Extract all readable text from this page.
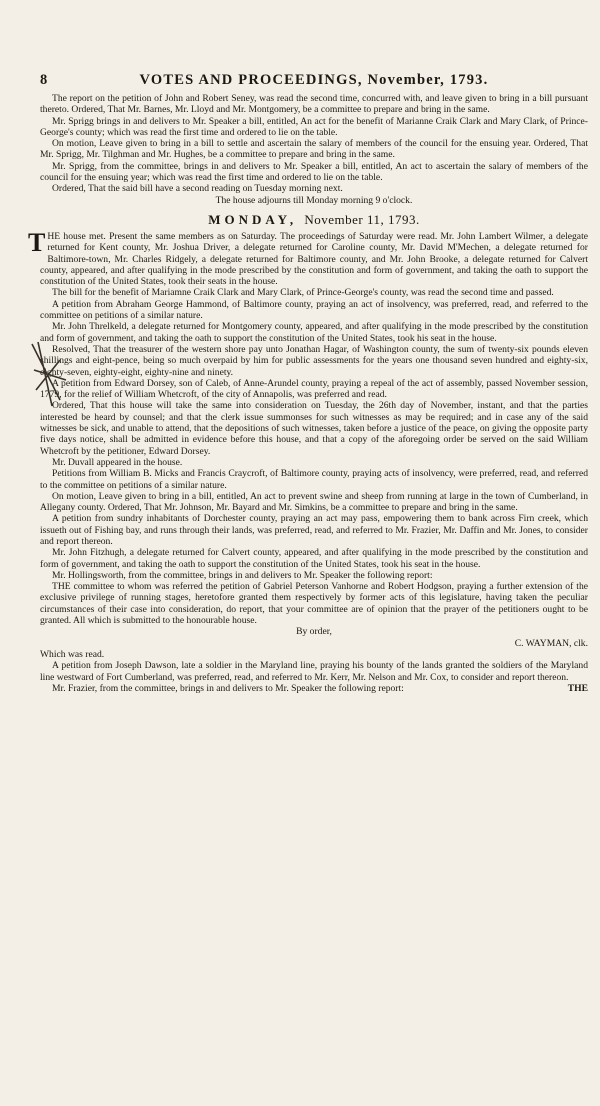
8	VOTES AND PROCEEDINGS, November, 1793.

The report on the petition of John and Robert Seney, was read the second time, concurred with, and leave given to bring in a bill pursuant thereto. Ordered, That Mr. Barnes, Mr. Lloyd and Mr. Montgomery, be a committee to prepare and bring in the same.

Mr. Sprigg brings in and delivers to Mr. Speaker a bill, entitled, An act for the benefit of Marianne Craik Clark and Mary Clark, of Prince-George's county; which was read the first time and ordered to lie on the table.

On motion, Leave given to bring in a bill to settle and ascertain the salary of members of the council for the ensuing year. Ordered, That Mr. Sprigg, Mr. Tilghman and Mr. Hughes, be a committee to prepare and bring in the same.

Mr. Sprigg, from the committee, brings in and delivers to Mr. Speaker a bill, entitled, An act to ascertain the salary of members of the council for the ensuing year; which was read the first time and ordered to lie on the table.

Ordered, That the said bill have a second reading on Tuesday morning next.

The house adjourns till Monday morning 9 o'clock.

MONDAY, November 11, 1793.

THE house met. Present the same members as on Saturday. The proceedings of Saturday were read. Mr. John Lambert Wilmer, a delegate returned for Kent county, Mr. Joshua Driver, a delegate returned for Caroline county, Mr. David M'Mechen, a delegate returned for Baltimore-town, Mr. Charles Ridgely, a delegate returned for Baltimore county, and Mr. John Brooke, a delegate returned for Calvert county, appeared, and after qualifying in the mode prescribed by the constitution and form of government, and taking the oath to support the constitution of the United States, took their seats in the house.

The bill for the benefit of Mariamne Craik Clark and Mary Clark, of Prince-George's county, was read the second time and passed.

A petition from Abraham George Hammond, of Baltimore county, praying an act of insolvency, was preferred, read, and referred to the committee on petitions of a similar nature.

Mr. John Threlkeld, a delegate returned for Montgomery county, appeared, and after qualifying in the mode prescribed by the constitution and form of government, and taking the oath to support the constitution of the United States, took his seat in the house.

Resolved, That the treasurer of the western shore pay unto Jonathan Hagar, of Washington county, the sum of twenty-six pounds eleven shillings and eight-pence, being so much overpaid by him for public assessments for the years one thousand seven hundred and eighty-six, eighty-seven, eighty-eight, eighty-nine and ninety.

A petition from Edward Dorsey, son of Caleb, of Anne-Arundel county, praying a repeal of the act of assembly, passed November session, 1779, for the relief of William Whetcroft, of the city of Annapolis, was preferred and read.

Ordered, That this house will take the same into consideration on Tuesday, the 26th day of November, instant, and that the parties interested be heard by counsel; and that the clerk issue summonses for such witnesses as may be required; and in case any of the said witnesses be sick, and unable to attend, that the depositions of such witnesses, taken before a justice of the peace, on giving the opposite party five days notice, shall be admitted in evidence before this house, and that a copy of the aforegoing order be served on the said William Whetcroft by the petitioner, Edward Dorsey.

Mr. Duvall appeared in the house.

Petitions from William B. Micks and Francis Craycroft, of Baltimore county, praying acts of insolvency, were preferred, read, and referred to the committee on petitions of a similar nature.

On motion, Leave given to bring in a bill, entitled, An act to prevent swine and sheep from running at large in the town of Cumberland, in Allegany county. Ordered, That Mr. Johnson, Mr. Bayard and Mr. Simkins, be a committee to prepare and bring in the same.

A petition from sundry inhabitants of Dorchester county, praying an act may pass, empowering them to bank across Firn creek, which issueth out of Fishing bay, and runs through their lands, was preferred, read, and referred to Mr. Frazier, Mr. Daffin and Mr. Jones, to consider and report thereon.

Mr. John Fitzhugh, a delegate returned for Calvert county, appeared, and after qualifying in the mode prescribed by the constitution and form of government, and taking the oath to support the constitution of the United States, took his seat in the house.

Mr. Hollingsworth, from the committee, brings in and delivers to Mr. Speaker the following report:

THE committee to whom was referred the petition of Gabriel Peterson Vanhorne and Robert Hodgson, praying a further extension of the exclusive privilege of running stages, heretofore granted them respectively by former acts of this legislature, having taken the peculiar circumstances of their case into consideration, do report, that your committee are of opinion that the prayer of the petitioners ought to be granted. All which is submitted to the honourable house.

By order,

C. WAYMAN, clk.

Which was read.

A petition from Joseph Dawson, late a soldier in the Maryland line, praying his bounty of the lands granted the soldiers of the Maryland line westward of Fort Cumberland, was preferred, read, and referred to Mr. Kerr, Mr. Nelson and Mr. Cox, to consider and report thereon.

Mr. Frazier, from the committee, brings in and delivers to Mr. Speaker the following report:	THE
